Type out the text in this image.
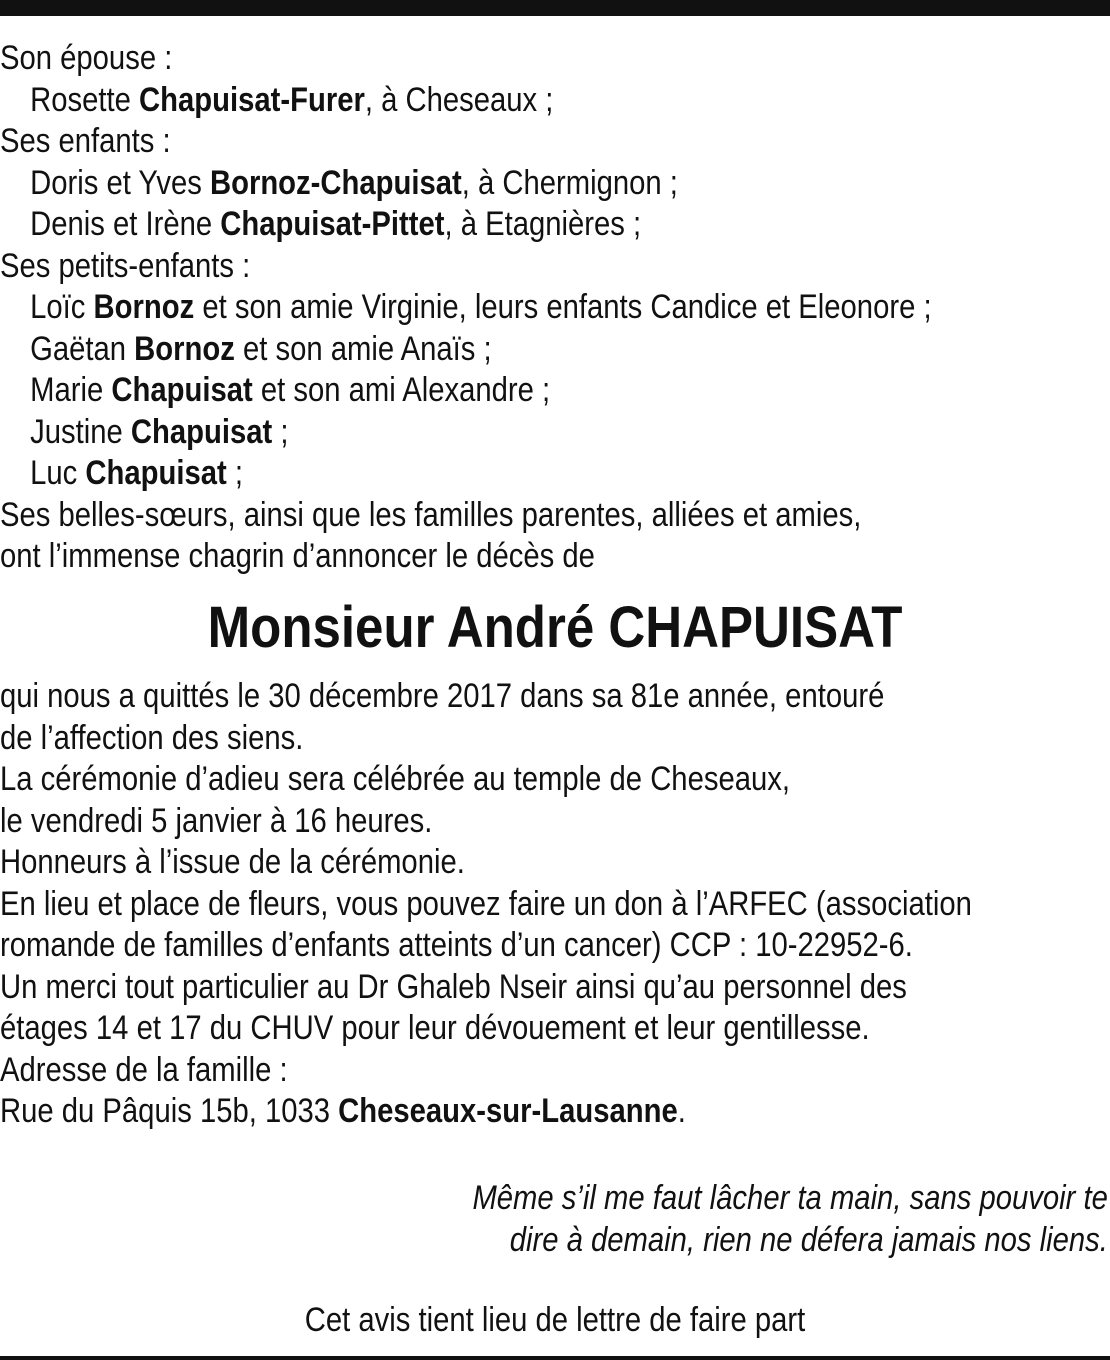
Son épouse :
Rosette Chapuisat-Furer, à Cheseaux ;
Ses enfants :
Doris et Yves Bornoz-Chapuisat, à Chermignon ;
Denis et Irène Chapuisat-Pittet, à Etagnières ;
Ses petits-enfants :
Loïc Bornoz et son amie Virginie, leurs enfants Candice et Eleonore ;
Gaëtan Bornoz et son amie Anaïs ;
Marie Chapuisat et son ami Alexandre ;
Justine Chapuisat ;
Luc Chapuisat ;
Ses belles-sœurs, ainsi que les familles parentes, alliées et amies,
ont l’immense chagrin d’annoncer le décès de
Monsieur André CHAPUISAT
qui nous a quittés le 30 décembre 2017 dans sa 81e année, entouré
de l’affection des siens.
La cérémonie d’adieu sera célébrée au temple de Cheseaux,
le vendredi 5 janvier à 16 heures.
Honneurs à l’issue de la cérémonie.
En lieu et place de fleurs, vous pouvez faire un don à l’ARFEC (association
romande de familles d’enfants atteints d’un cancer) CCP : 10-22952-6.
Un merci tout particulier au Dr Ghaleb Nseir ainsi qu’au personnel des
étages 14 et 17 du CHUV pour leur dévouement et leur gentillesse.
Adresse de la famille :
Rue du Pâquis 15b, 1033 Cheseaux-sur-Lausanne.
Même s’il me faut lâcher ta main, sans pouvoir te
dire à demain, rien ne défera jamais nos liens.
Cet avis tient lieu de lettre de faire part
